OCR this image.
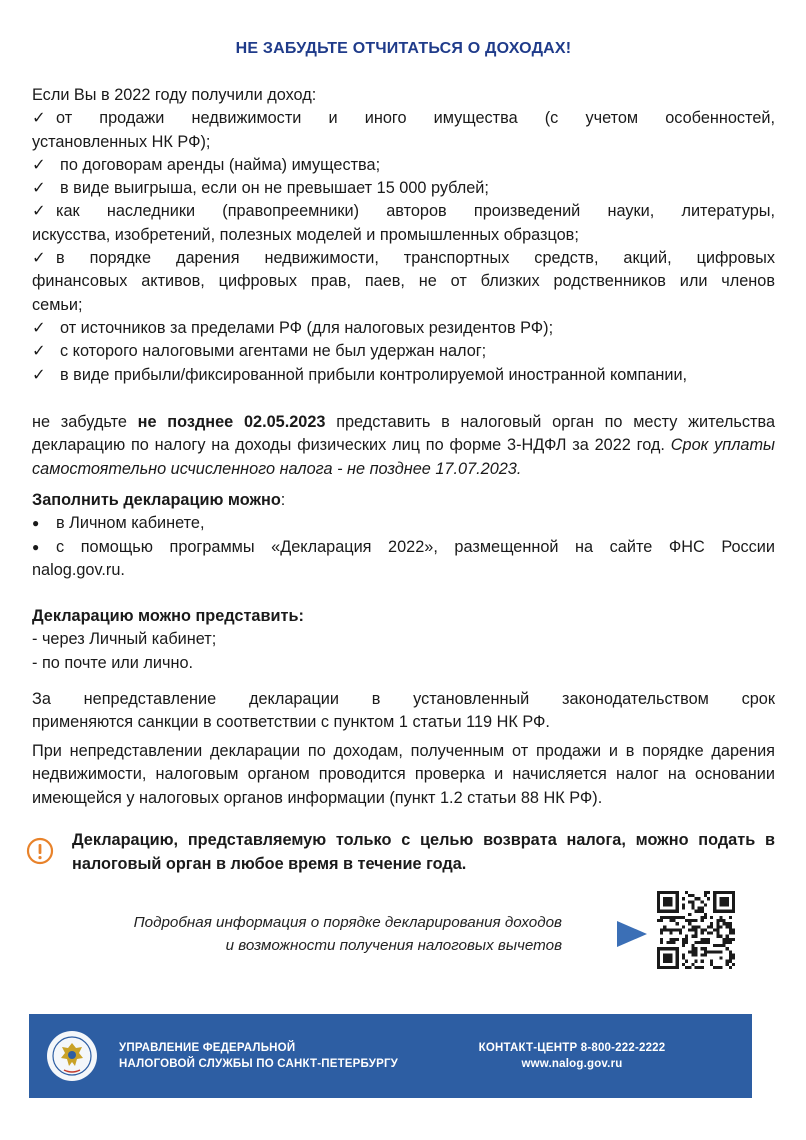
НЕ ЗАБУДЬТЕ ОТЧИТАТЬСЯ О ДОХОДАХ!
Если Вы в 2022 году получили доход:
✓ от продажи недвижимости и иного имущества (с учетом особенностей,
установленных НК РФ);
✓ по договорам аренды (найма) имущества;
✓ в виде выигрыша, если он не превышает 15 000 рублей;
✓ как наследники (правопреемники) авторов произведений науки, литературы,
искусства, изобретений, полезных моделей и промышленных образцов;
✓ в порядке дарения недвижимости, транспортных средств, акций, цифровых
финансовых активов, цифровых прав, паев, не от близких родственников или членов
семьи;
✓ от источников за пределами РФ (для налоговых резидентов РФ);
✓ с которого налоговыми агентами не был удержан налог;
✓ в виде прибыли/фиксированной прибыли контролируемой иностранной компании,
не забудьте не позднее 02.05.2023 представить в налоговый орган по месту жительства декларацию по налогу на доходы физических лиц по форме 3-НДФЛ за 2022 год. Срок уплаты самостоятельно исчисленного налога - не позднее 17.07.2023.
Заполнить декларацию можно:
● в Личном кабинете,
● с помощью программы «Декларация 2022», размещенной на сайте ФНС России
nalog.gov.ru.
Декларацию можно представить:
- через Личный кабинет;
- по почте или лично.
За непредставление декларации в установленный законодательством срок
применяются санкции в соответствии с пунктом 1 статьи 119 НК РФ.
При непредставлении декларации по доходам, полученным от продажи и в порядке дарения недвижимости, налоговым органом проводится проверка и начисляется налог на основании имеющейся у налоговых органов информации (пункт 1.2 статьи 88 НК РФ).
Декларацию, представляемую только с целью возврата налога, можно подать в налоговый орган в любое время в течение года.
Подробная информация о порядке декларирования доходов
и возможности получения налоговых вычетов
УПРАВЛЕНИЕ ФЕДЕРАЛЬНОЙ
НАЛОГОВОЙ СЛУЖБЫ ПО САНКТ-ПЕТЕРБУРГУ
КОНТАКТ-ЦЕНТР 8-800-222-2222
www.nalog.gov.ru
